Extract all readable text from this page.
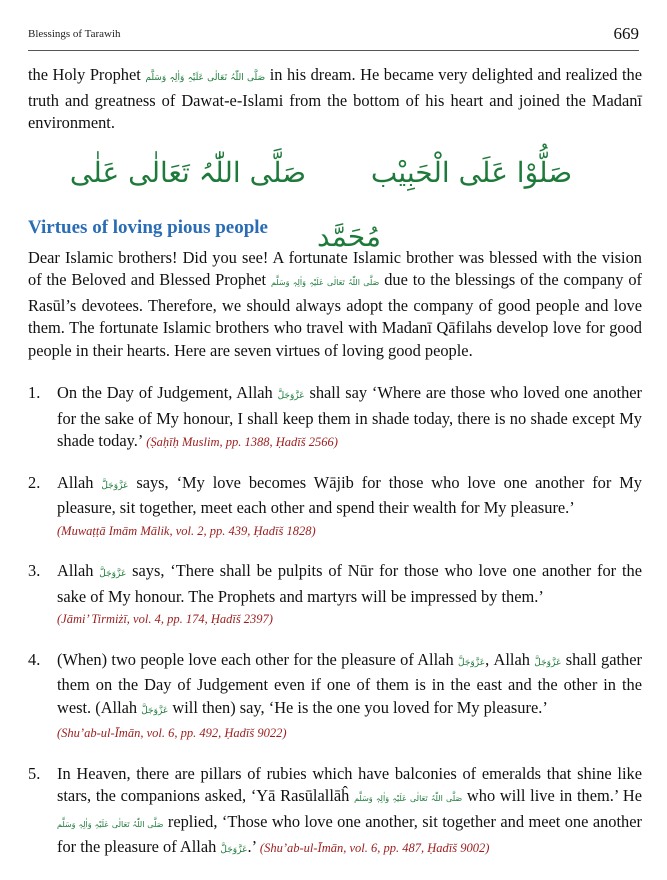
Blessings of Tarawih	669

the Holy Prophet صَلَّی اللّٰہُ تَعَالٰی عَلَیْہِ وَاٰلِہٖ وَسَلَّم in his dream. He became very delighted and realized the truth and greatness of Dawat-e-Islami from the bottom of his heart and joined the Madanī environment.

صَلُّوْا عَلَی الْحَبِیْب صَلَّی اللّٰہُ تَعَالٰی عَلٰی مُحَمَّد
Virtues of loving pious people

Dear Islamic brothers! Did you see! A fortunate Islamic brother was blessed with the vision of the Beloved and Blessed Prophet صَلَّی اللّٰہُ تَعَالٰی عَلَیْہِ وَاٰلِہٖ وَسَلَّم due to the blessings of the company of Rasūl’s devotees. Therefore, we should always adopt the company of good people and love them. The fortunate Islamic brothers who travel with Madanī Qāfilahs develop love for good people in their hearts. Here are seven virtues of loving good people.

1. On the Day of Judgement, Allah عَزَّوَجَلَّ shall say ‘Where are those who loved one another for the sake of My honour, I shall keep them in shade today, there is no shade except My shade today.’ (Ṣaḥīḥ Muslim, pp. 1388, Ḥadīš 2566)
2. Allah عَزَّوَجَلَّ says, ‘My love becomes Wājib for those who love one another for My pleasure, sit together, meet each other and spend their wealth for My pleasure.’
(Muwaṭṭā Imām Mālik, vol. 2, pp. 439, Ḥadīš 1828)
3. Allah عَزَّوَجَلَّ says, ‘There shall be pulpits of Nūr for those who love one another for the sake of My honour. The Prophets and martyrs will be impressed by them.’
(Jāmi’ Tirmiżī, vol. 4, pp. 174, Ḥadīš 2397)
4. (When) two people love each other for the pleasure of Allah عَزَّوَجَلَّ, Allah عَزَّوَجَلَّ shall gather them on the Day of Judgement even if one of them is in the east and the other in the west. (Allah عَزَّوَجَلَّ will then) say, ‘He is the one you loved for My pleasure.’
(Shu’ab-ul-Īmān, vol. 6, pp. 492, Ḥadīš 9022)
5. In Heaven, there are pillars of rubies which have balconies of emeralds that shine like stars, the companions asked, ‘Yā Rasūlallāĥ صَلَّی اللّٰہُ تَعَالٰی عَلَیْہِ وَاٰلِہٖ وَسَلَّم who will live in them.’ He صَلَّی اللّٰہُ تَعَالٰی عَلَیْہِ وَاٰلِہٖ وَسَلَّم replied, ‘Those who love one another, sit together and meet one another for the pleasure of Allah عَزَّوَجَلَّ.’ (Shu’ab-ul-Īmān, vol. 6, pp. 487, Ḥadīš 9002)
